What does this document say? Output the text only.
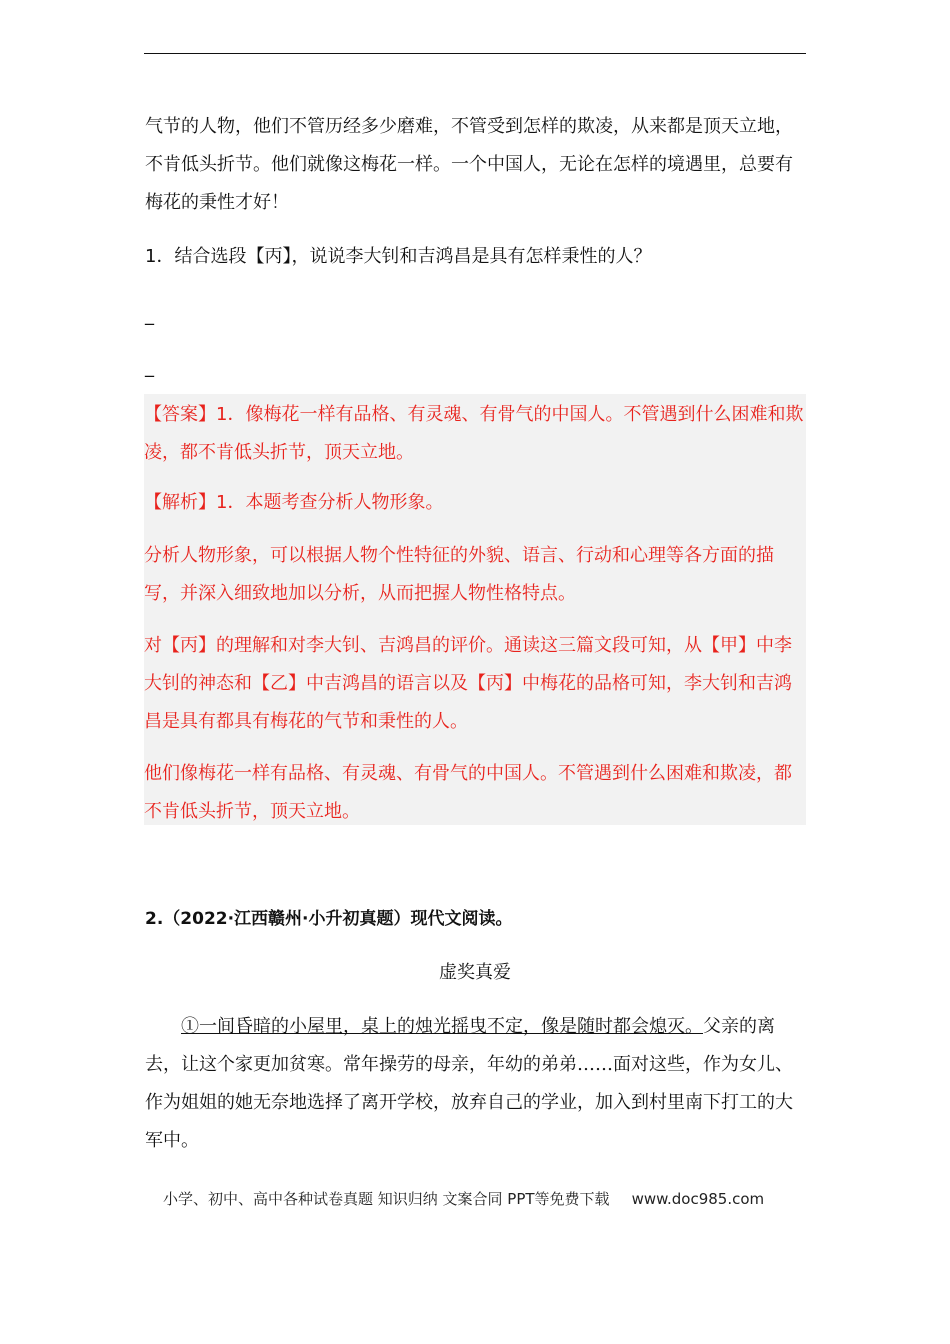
气节的人物，他们不管历经多少磨难，不管受到怎样的欺凌，从来都是顶天立地，不肯低头折节。他们就像这梅花一样。一个中国人，无论在怎样的境遇里，总要有梅花的秉性才好！

1．结合选段【丙】，说说李大钊和吉鸿昌是具有怎样秉性的人？

_
_

【答案】1．像梅花一样有品格、有灵魂、有骨气的中国人。不管遇到什么困难和欺凌，都不肯低头折节，顶天立地。

【解析】1．本题考查分析人物形象。

分析人物形象，可以根据人物个性特征的外貌、语言、行动和心理等各方面的描写，并深入细致地加以分析，从而把握人物性格特点。

对【丙】的理解和对李大钊、吉鸿昌的评价。通读这三篇文段可知，从【甲】中李大钊的神态和【乙】中吉鸿昌的语言以及【丙】中梅花的品格可知，李大钊和吉鸿昌是具有都具有梅花的气节和秉性的人。

他们像梅花一样有品格、有灵魂、有骨气的中国人。不管遇到什么困难和欺凌，都不肯低头折节，顶天立地。

2.（2022·江西赣州·小升初真题）现代文阅读。

虚奖真爱

①一间昏暗的小屋里，桌上的烛光摇曳不定，像是随时都会熄灭。父亲的离去，让这个家更加贫寒。常年操劳的母亲，年幼的弟弟……面对这些，作为女儿、作为姐姐的她无奈地选择了离开学校，放弃自己的学业，加入到村里南下打工的大军中。

小学、初中、高中各种试卷真题 知识归纳 文案合同 PPT等免费下载 www.doc985.com
